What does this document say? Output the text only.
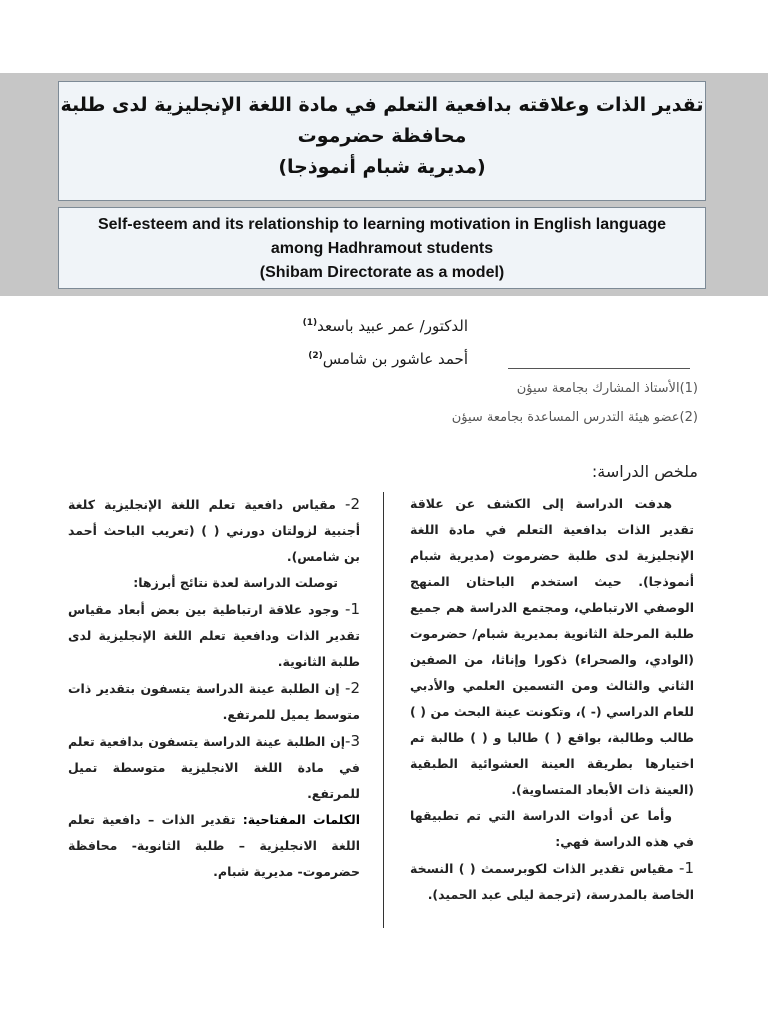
تقدير الذات وعلاقته بدافعية التعلم في مادة اللغة الإنجليزية لدى طلبة
محافظة حضرموت
(مديرية شبام أنموذجا)
Self-esteem and its relationship to learning motivation in English language
among Hadhramout students
(Shibam Directorate as a model)
الدكتور/ عمر عبيد باسعد$^{(1)}$
أحمد عاشور بن شامس$^{(2)}$
(1)الأستاذ المشارك بجامعة سيؤن
(2)عضو هيئة التدرس المساعدة بجامعة سيؤن
ملخص الدراسة:

هدفت الدراسة إلى الكشف عن علاقة تقدير الذات بدافعية التعلم في مادة اللغة الإنجليزية لدى طلبة حضرموت (مديرية شبام أنموذجا). حيث استخدم الباحثان المنهج الوصفي الارتباطي، ومجتمع الدراسة هم جميع طلبة المرحلة الثانوية بمديرية شبام/ حضرموت (الوادي، والصحراء) ذكورا وإناثا، من الصفين الثاني والثالث ومن التسمين العلمي والأدبي للعام الدراسي (- )، وتكونت عينة البحث من ( ) طالب وطالبة، بواقع ( ) طالبا و ( ) طالبة تم اختيارها بطريقة العينة العشوائية الطبقية (العينة ذات الأبعاد المتساوية).

وأما عن أدوات الدراسة التي تم تطبيقها في هذه الدراسة فهي:

1- مقياس تقدير الذات لكوبرسمث ( ) النسخة الخاصة بالمدرسة، (ترجمة ليلى عبد الحميد).

2- مقياس دافعية تعلم اللغة الإنجليزية كلغة أجنبية لزولتان دورني ( ) (تعريب الباحث أحمد بن شامس).

توصلت الدراسة لعدة نتائج أبرزها:

1- وجود علاقة ارتباطية بين بعض أبعاد مقياس تقدير الذات ودافعية تعلم اللغة الإنجليزية لدى طلبة الثانوية.

2- إن الطلبة عينة الدراسة يتسفون بتقدير ذات متوسط يميل للمرتفع.

3-إن الطلبة عينة الدراسة يتسفون بدافعية تعلم في مادة اللغة الانجليزية متوسطة تميل للمرتفع.

الكلمات المفتاحية: تقدير الذات – دافعية تعلم اللغة الانجليزية – طلبة الثانوية- محافظة حضرموت- مديرية شبام.
